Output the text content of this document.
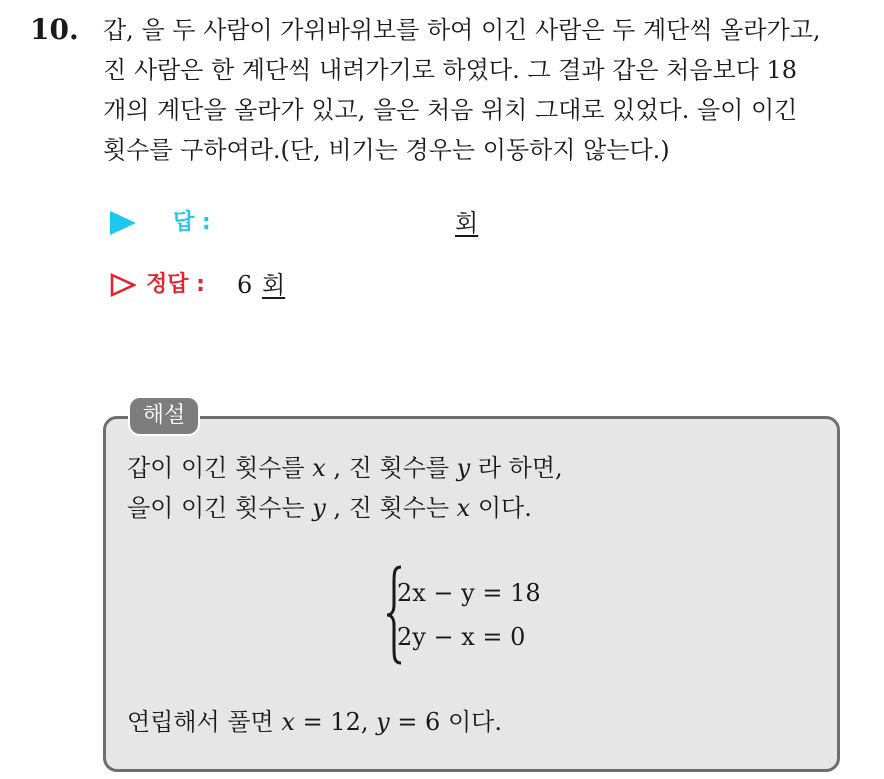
10. 갑, 을 두 사람이 가위바위보를 하여 이긴 사람은 두 계단씩 올라가고,
진 사람은 한 계단씩 내려가기로 하였다. 그 결과 갑은 처음보다 18
개의 계단을 올라가 있고, 을은 처음 위치 그대로 있었다. 을이 이긴
횟수를 구하여라.(단, 비기는 경우는 이동하지 않는다.)
답 :	회
정답 : 6 회
해설
갑이 이긴 횟수를 x , 진 횟수를 y 라 하면,
을이 이긴 횟수는 y , 진 횟수는 x 이다.
2x − y = 18
2y − x = 0
연립해서 풀면 x = 12, y = 6 이다.
